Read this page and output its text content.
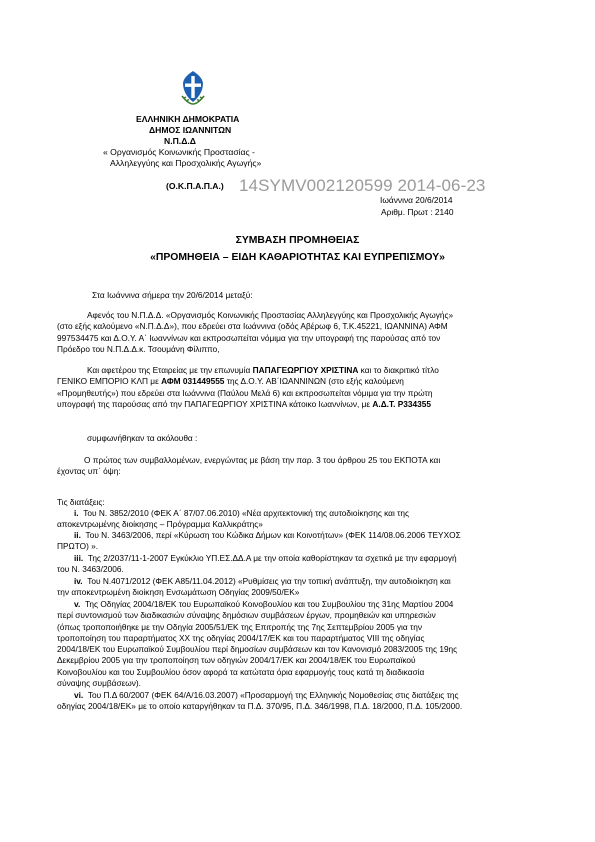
ΕΛΛΗΝΙΚΗ ΔΗΜΟΚΡΑΤΙΑ
ΔΗΜΟΣ ΙΩΑΝΝΙΤΩΝ
Ν.Π.Δ.Δ
« Οργανισμός Κοινωνικής Προστασίας -
Αλληλεγγύης και Προσχολικής Αγωγής»
(Ο.Κ.Π.Α.Π.Α.) 14SYMV002120599 2014-06-23
Ιωάννινα 20/6/2014
Αριθμ. Πρωτ : 2140
ΣΥΜΒΑΣΗ ΠΡΟΜΗΘΕΙΑΣ
«ΠΡΟΜΗΘΕΙΑ – ΕΙΔΗ ΚΑΘΑΡΙΟΤΗΤΑΣ ΚΑΙ ΕΥΠΡΕΠΙΣΜΟΥ»
Στα Ιωάννινα σήμερα την 20/6/2014 μεταξύ:
Αφενός του Ν.Π.Δ.Δ. «Οργανισμός Κοινωνικής Προστασίας Αλληλεγγύης και Προσχολικής Αγωγής»
(στο εξής καλούμενο «Ν.Π.Δ.Δ»), που εδρεύει στα Ιωάννινα (οδός Αβέρωφ 6, Τ.Κ.45221, ΙΩΑΝΝΙΝΑ) ΑΦΜ
997534475 και Δ.Ο.Υ. Α΄ Ιωαννίνων και εκπροσωπείται νόμιμα για την υπογραφή της παρούσας από τον
Πρόεδρο του Ν.Π.Δ.Δ.κ. Τσουμάνη Φίλιππο,
Και αφετέρου της Εταιρείας με την επωνυμία ΠΑΠΑΓΕΩΡΓΙΟΥ ΧΡΙΣΤΙΝΑ και το διακριτικό τίτλο
ΓΕΝΙΚΟ ΕΜΠΟΡΙΟ ΚΛΠ με ΑΦΜ 031449555 της Δ.Ο.Υ. ΑΒ΄ΙΩΑΝΝΙΝΩΝ (στο εξής καλούμενη
«Προμηθευτής») που εδρεύει στα Ιωάννινα (Παύλου Μελά 6) και εκπροσωπείται νόμιμα για την πρώτη
υπογραφή της παρούσας από την ΠΑΠΑΓΕΩΡΓΙΟΥ ΧΡΙΣΤΙΝΑ κάτοικο Ιωαννίνων, με Α.Δ.Τ. Ρ334355
συμφωνήθηκαν τα ακόλουθα :
Ο πρώτος των συμβαλλομένων, ενεργώντας με βάση την παρ. 3 του άρθρου 25 του ΕΚΠΟΤΑ και
έχοντας υπ΄ όψη:
Τις διατάξεις:
i. Του Ν. 3852/2010 (ΦΕΚ Α΄ 87/07.06.2010) «Νέα αρχιτεκτονική της αυτοδιοίκησης και της
αποκεντρωμένης διοίκησης – Πρόγραμμα Καλλικράτης»
ii. Του Ν. 3463/2006, περί «Κύρωση του Κώδικα Δήμων και Κοινοτήτων» (ΦΕΚ 114/08.06.2006 ΤΕΥΧΟΣ
ΠΡΩΤΟ) ».
iii. Της 2/2037/11-1-2007 Εγκύκλιο ΥΠ.ΕΣ.ΔΔ.Α με την οποία καθορίστηκαν τα σχετικά με την εφαρμογή
του Ν. 3463/2006.
iv. Του Ν.4071/2012 (ΦΕΚ Α85/11.04.2012) «Ρυθμίσεις για την τοπική ανάπτυξη, την αυτοδιοίκηση και
την αποκεντρωμένη διοίκηση Ενσωμάτωση Οδηγίας 2009/50/ΕΚ»
v. Της Οδηγίας 2004/18/ΕΚ του Ευρωπαϊκού Κοινοβουλίου και του Συμβουλίου της 31ης Μαρτίου 2004
περί συντονισμού των διαδικασιών σύναψης δημόσιων συμβάσεων έργων, προμηθειών και υπηρεσιών
(όπως τροποποιήθηκε με την Οδηγία 2005/51/ΕΚ της Επιτροπής της 7ης Σεπτεμβρίου 2005 για την
τροποποίηση του παραρτήματος ΧΧ της οδηγίας 2004/17/ΕΚ και του παραρτήματος VIII της οδηγίας
2004/18/ΕΚ του Ευρωπαϊκού Συμβουλίου περί δημοσίων συμβάσεων και τον Κανονισμό 2083/2005 της 19ης
Δεκεμβρίου 2005 για την τροποποίηση των οδηγιών 2004/17/ΕΚ και 2004/18/ΕΚ του Ευρωπαϊκού
Κοινοβουλίου και του Συμβουλίου όσον αφορά τα κατώτατα όρια εφαρμογής τους κατά τη διαδικασία
σύναψης συμβάσεων).
vi. Του Π.Δ 60/2007 (ΦΕΚ 64/Α/16.03.2007) «Προσαρμογή της Ελληνικής Νομοθεσίας στις διατάξεις της
οδηγίας 2004/18/ΕΚ» με το οποίο καταργήθηκαν τα Π.Δ. 370/95, Π.Δ. 346/1998, Π.Δ. 18/2000, Π.Δ. 105/2000.
